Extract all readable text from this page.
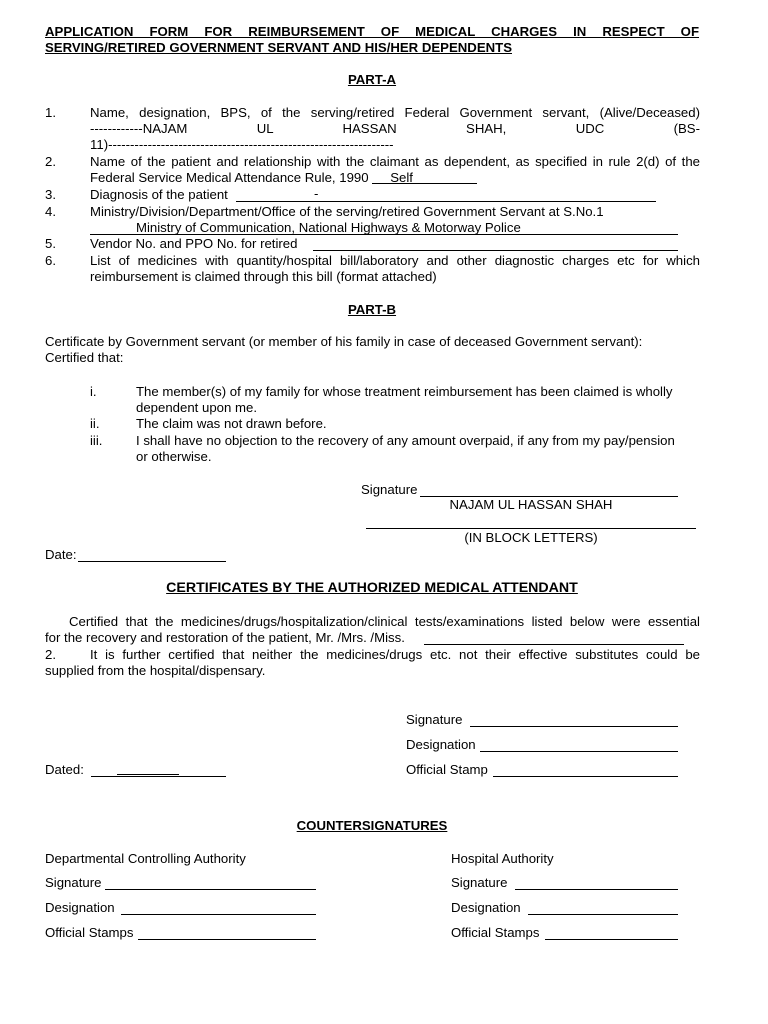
APPLICATION FORM FOR REIMBURSEMENT OF MEDICAL CHARGES IN RESPECT OF
SERVING/RETIRED GOVERNMENT SERVANT AND HIS/HER DEPENDENTS
PART-A
1.	Name, designation, BPS, of the serving/retired Federal Government servant, (Alive/Deceased)
------------NAJAM UL HASSAN SHAH, UDC (BS-
11)-----------------------------------------------------------------
2.	Name of the patient and relationship with the claimant as dependent, as specified in rule 2(d) of the
Federal Service Medical Attendance Rule, 1990 Self
3.	Diagnosis of the patient	-
4.	Ministry/Division/Department/Office of the serving/retired Government Servant at S.No.1
Ministry of Communication, National Highways & Motorway Police
5.	Vendor No. and PPO No. for retired
6.	List of medicines with quantity/hospital bill/laboratory and other diagnostic charges etc for which
reimbursement is claimed through this bill (format attached)
PART-B
Certificate by Government servant (or member of his family in case of deceased Government servant):
Certified that:
i.	The member(s) of my family for whose treatment reimbursement has been claimed is wholly
dependent upon me.
ii.	The claim was not drawn before.
iii.	I shall have no objection to the recovery of any amount overpaid, if any from my pay/pension
or otherwise.
Signature
NAJAM UL HASSAN SHAH
(IN BLOCK LETTERS)
Date:
CERTIFICATES BY THE AUTHORIZED MEDICAL ATTENDANT
Certified that the medicines/drugs/hospitalization/clinical tests/examinations listed below were essential
for the recovery and restoration of the patient, Mr. /Mrs. /Miss.
2.	It is further certified that neither the medicines/drugs etc. not their effective substitutes could be
supplied from the hospital/dispensary.
Signature
Designation
Dated:	Official Stamp
COUNTERSIGNATURES
Departmental Controlling Authority	Hospital Authority
Signature	Signature
Designation	Designation
Official Stamps	Official Stamps
